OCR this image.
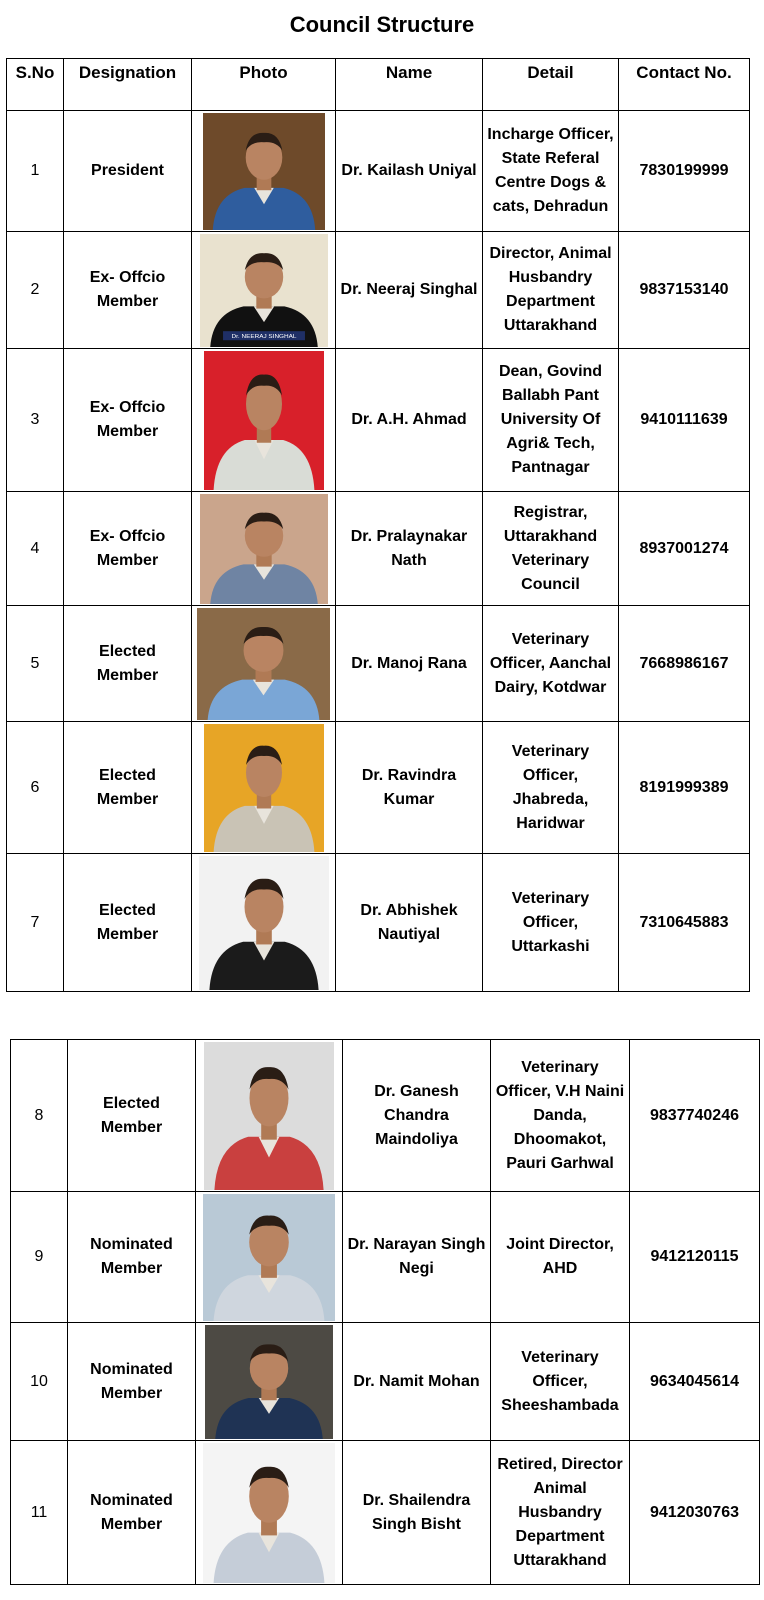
Council Structure
S.No	Designation	Photo	Name	Detail	Contact No.
1	President		Dr. Kailash Uniyal	Incharge Officer, State Referal Centre Dogs & cats, Dehradun	7830199999
2	Ex- Offcio Member	Dr. NEERAJ SINGHAL	Dr. Neeraj Singhal	Director, Animal Husbandry Department Uttarakhand	9837153140
3	Ex- Offcio Member		Dr. A.H. Ahmad	Dean, Govind Ballabh Pant University Of Agri& Tech, Pantnagar	9410111639
4	Ex- Offcio Member		Dr. Pralaynakar Nath	Registrar, Uttarakhand Veterinary Council	8937001274
5	Elected Member		Dr. Manoj Rana	Veterinary Officer, Aanchal Dairy, Kotdwar	7668986167
6	Elected Member		Dr. Ravindra Kumar	Veterinary Officer, Jhabreda, Haridwar	8191999389
7	Elected Member		Dr. Abhishek Nautiyal	Veterinary Officer, Uttarkashi	7310645883
8	Elected Member		Dr. Ganesh Chandra Maindoliya	Veterinary Officer, V.H Naini Danda, Dhoomakot, Pauri Garhwal	9837740246
9	Nominated Member		Dr. Narayan Singh Negi	Joint Director, AHD	9412120115
10	Nominated Member		Dr. Namit Mohan	Veterinary Officer, Sheeshambada	9634045614
11	Nominated Member		Dr. Shailendra Singh Bisht	Retired, Director Animal Husbandry Department Uttarakhand	9412030763
